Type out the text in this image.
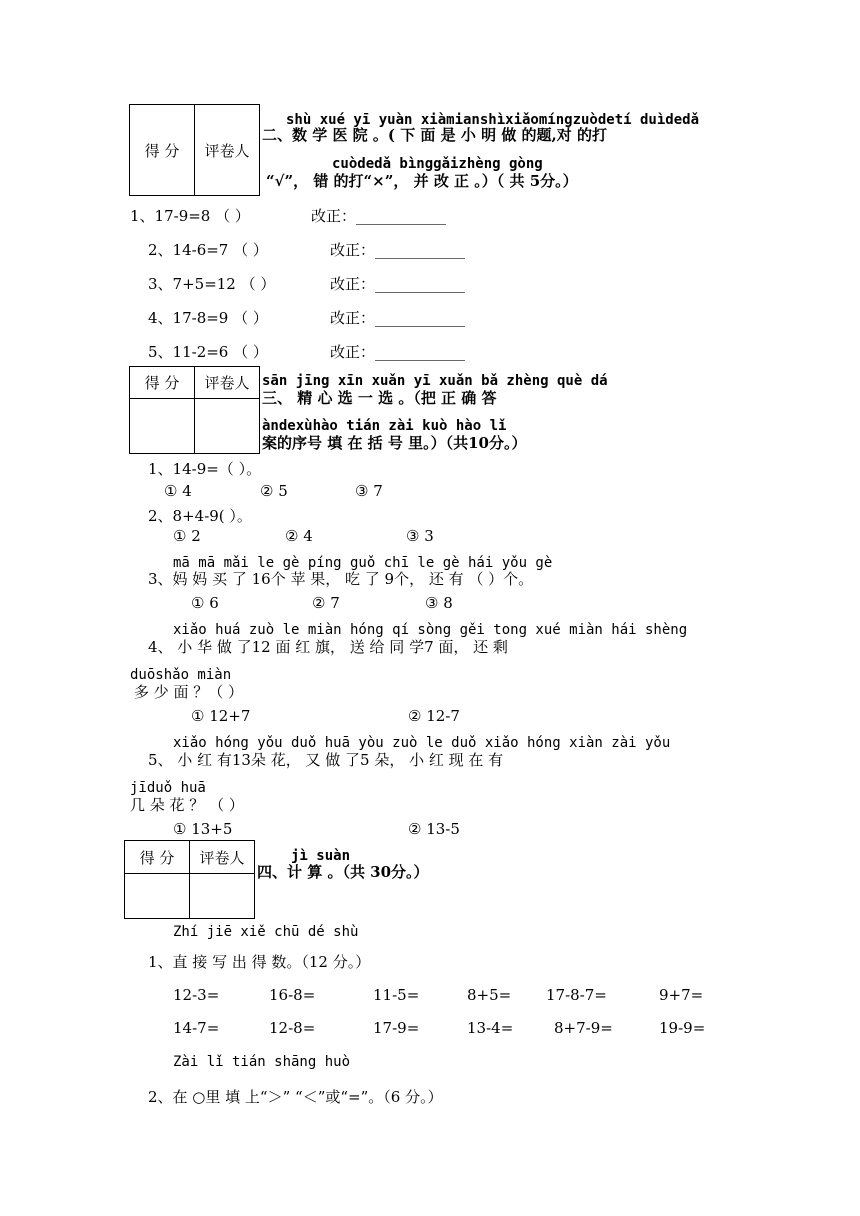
得 分	评卷人
shù xué yī yuàn xiàmianshìxiǎomíngzuòdetí duìdedǎ
二、数 学 医 院 。( 下 面 是 小 明 做 的题,对 的打
cuòdedǎ bìnggǎizhèng gòng
“√”， 错 的打“×”， 并 改 正 。）（ 共 5分。）
1、17-9=8 （ ）	改正：____________
2、14-6=7 （ ）	改正：____________
3、7+5=12 （ ）	改正：____________
4、17-8=9 （ ）	改正：____________
5、11-2=6 （ ）	改正：____________
得 分	评卷人
	sān jīng xīn xuǎn yī xuǎn bǎ zhèng què dá
三、 精 心 选 一 选 。（把 正 确 答
àndexùhào tián zài kuò hào lǐ
案的序号 填 在 括 号 里。）（共10分。）
1、14-9=（ ）。
① 4	② 5	③ 7
2、8+4-9( ）。
① 2	② 4	③ 3
mā mā mǎi le gè píng guǒ chī le gè hái yǒu gè
3、妈 妈 买 了 16个 苹 果， 吃 了 9个， 还 有 （ ）个。
① 6	② 7	③ 8
xiǎo huá zuò le miàn hóng qí sòng gěi tong xué miàn hái shèng
4、 小 华 做 了12 面 红 旗， 送 给 同 学7 面， 还 剩
duōshǎo miàn
多 少 面 ？（ ）
① 12+7	② 12-7
xiǎo hóng yǒu duǒ huā yòu zuò le duǒ xiǎo hóng xiàn zài yǒu
5、 小 红 有13朵 花， 又 做 了5 朵， 小 红 现 在 有
jīduǒ huā
几 朵 花 ？ （ ）
① 13+5	② 13-5
得 分	评卷人
		jì suàn
四、计 算 。（共 30分。）
Zhí jiē xiě chū dé shù
1、直 接 写 出 得 数。（12 分。）
12-3=	16-8=	11-5=	8+5= 17-8-7=	9+7=
14-7=	12-8=	17-9=	13-4=	8+7-9=	19-9=
Zài lǐ tián shāng huò
2、在 ○里 填 上“＞” “＜”或“=”。（6 分。）
